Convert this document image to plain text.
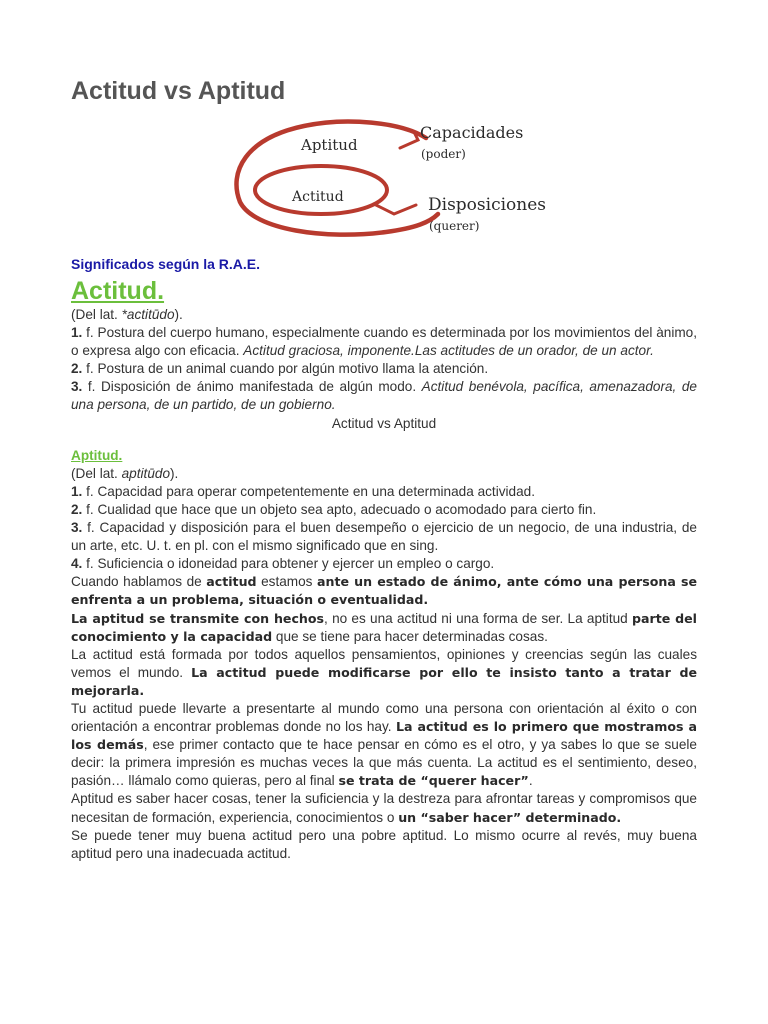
Actitud vs Aptitud
Aptitud
Actitud
Capacidades
(poder)
Disposiciones
(querer)

Significados según la R.A.E.

Actitud.

(Del lat. *actitūdo).

1. f. Postura del cuerpo humano, especialmente cuando es determinada por los movimientos del ànimo, o expresa algo con eficacia. Actitud graciosa, imponente.Las actitudes de un orador, de un actor.

2. f. Postura de un animal cuando por algún motivo llama la atención.

3. f. Disposición de ánimo manifestada de algún modo. Actitud benévola, pacífica, amenazadora, de una persona, de un partido, de un gobierno.

Actitud vs Aptitud

Aptitud.

(Del lat. aptitūdo).

1. f. Capacidad para operar competentemente en una determinada actividad.

2. f. Cualidad que hace que un objeto sea apto, adecuado o acomodado para cierto fin.

3. f. Capacidad y disposición para el buen desempeño o ejercicio de un negocio, de una industria, de un arte, etc. U. t. en pl. con el mismo significado que en sing.

4. f. Suficiencia o idoneidad para obtener y ejercer un empleo o cargo.

Cuando hablamos de actitud estamos ante un estado de ánimo, ante cómo una persona se enfrenta a un problema, situación o eventualidad.

La aptitud se transmite con hechos, no es una actitud ni una forma de ser. La aptitud parte del conocimiento y la capacidad que se tiene para hacer determinadas cosas.

La actitud está formada por todos aquellos pensamientos, opiniones y creencias según las cuales vemos el mundo. La actitud puede modificarse por ello te insisto tanto a tratar de mejorarla.

Tu actitud puede llevarte a presentarte al mundo como una persona con orientación al éxito o con orientación a encontrar problemas donde no los hay. La actitud es lo primero que mostramos a los demás, ese primer contacto que te hace pensar en cómo es el otro, y ya sabes lo que se suele decir: la primera impresión es muchas veces la que más cuenta. La actitud es el sentimiento, deseo, pasión… llámalo como quieras, pero al final se trata de “querer hacer”.

Aptitud es saber hacer cosas, tener la suficiencia y la destreza para afrontar tareas y compromisos que necesitan de formación, experiencia, conocimientos o un “saber hacer” determinado.

Se puede tener muy buena actitud pero una pobre aptitud. Lo mismo ocurre al revés, muy buena aptitud pero una inadecuada actitud.
